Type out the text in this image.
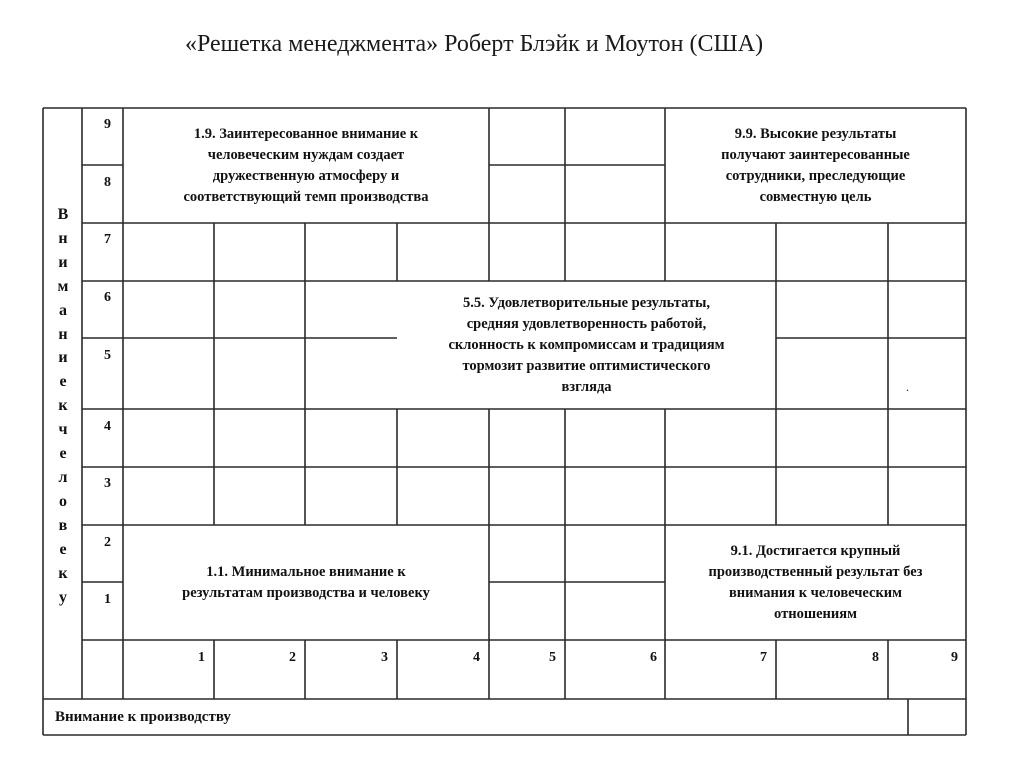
«Решетка менеджмента» Роберт Блэйк и Моутон (США)
В
н
и
м
а
н
и
е
к
ч
е
л
о
в
е
к
у
9
8
7
6
5
4
3
2
1
1	2	3	4	5	6	7	8	9
1.9. Заинтересованное внимание к
человеческим нуждам создает
дружественную атмосферу и
соответствующий темп производства
9.9. Высокие результаты
получают заинтересованные
сотрудники, преследующие
совместную цель
5.5. Удовлетворительные результаты,
средняя удовлетворенность работой,
склонность к компромиссам и традициям
тормозит развитие оптимистического
взгляда
1.1. Минимальное внимание к
результатам производства и человеку
9.1. Достигается крупный
производственный результат без
внимания к человеческим
отношениям
.
Внимание к производству
